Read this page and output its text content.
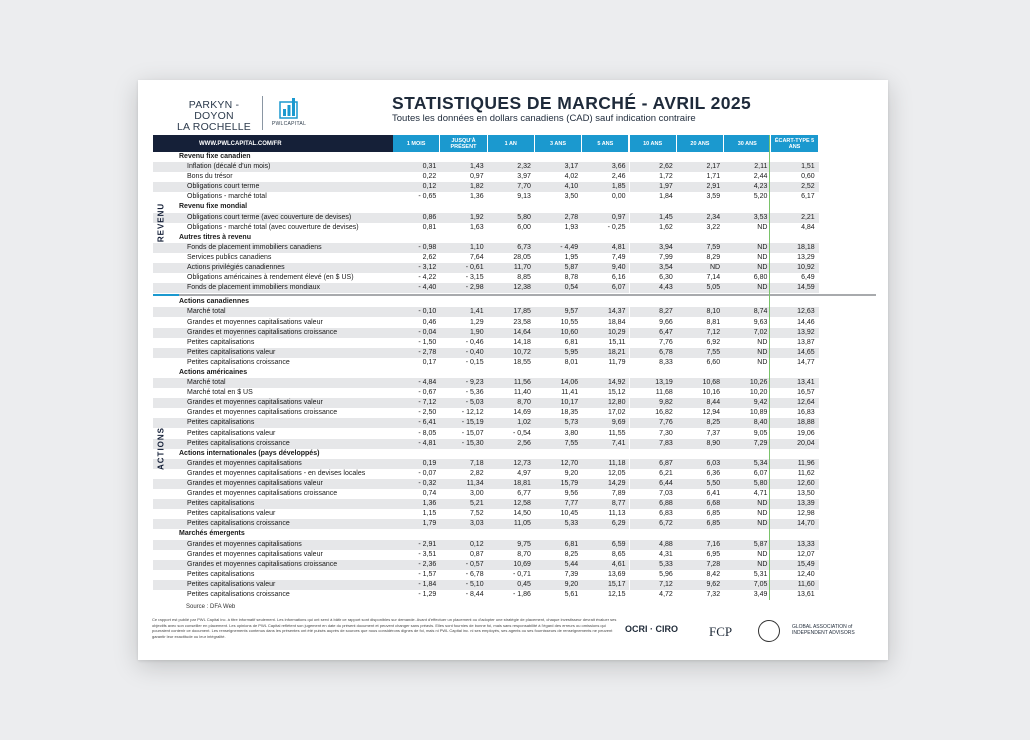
PARKYN - DOYON
LA ROCHELLE	PWLCAPITAL
STATISTIQUES DE MARCHÉ - AVRIL 2025
Toutes les données en dollars canadiens (CAD) sauf indication contraire
WWW.PWLCAPITAL.COM/FR	1 MOIS	JUSQU'À PRÉSENT	1 AN	3 ANS	5 ANS	10 ANS	20 ANS	30 ANS	ÉCART-TYPE 5 ANS
Revenu fixe canadien
Inflation (décalé d'un mois)	0,31	1,43	2,32	3,17	3,66	2,62	2,17	2,11	1,51
Bons du trésor	0,22	0,97	3,97	4,02	2,46	1,72	1,71	2,44	0,60
Obligations court terme	0,12	1,82	7,70	4,10	1,85	1,97	2,91	4,23	2,52
Obligations - marché total	- 0,65	1,36	9,13	3,50	0,00	1,84	3,59	5,20	6,17
Revenu fixe mondial
Obligations court terme (avec couverture de devises)	0,86	1,92	5,80	2,78	0,97	1,45	2,34	3,53	2,21
Obligations - marché total (avec couverture de devises)	0,81	1,63	6,00	1,93	- 0,25	1,62	3,22	ND	4,84
Autres titres à revenu
Fonds de placement immobiliers canadiens	- 0,98	1,10	6,73	- 4,49	4,81	3,94	7,59	ND	18,18
Services publics canadiens	2,62	7,64	28,05	1,95	7,49	7,99	8,29	ND	13,29
Actions privilégiés canadiennes	- 3,12	- 0,61	11,70	5,87	9,40	3,54	ND	ND	10,92
Obligations américaines à rendement élevé (en $ US)	- 4,22	- 3,15	8,85	8,78	6,16	6,30	7,14	6,80	6,49
Fonds de placement immobiliers mondiaux	- 4,40	- 2,98	12,38	0,54	6,07	4,43	5,05	ND	14,59
Actions canadiennes
Marché total	- 0,10	1,41	17,85	9,57	14,37	8,27	8,10	8,74	12,63
Grandes et moyennes capitalisations valeur	0,46	1,29	23,58	10,55	18,84	9,66	8,81	9,63	14,46
Grandes et moyennes capitalisations croissance	- 0,04	1,90	14,64	10,60	10,29	6,47	7,12	7,02	13,92
Petites capitalisations	- 1,50	- 0,46	14,18	6,81	15,11	7,76	6,92	ND	13,87
Petites capitalisations valeur	- 2,78	- 0,40	10,72	5,95	18,21	6,78	7,55	ND	14,65
Petites capitalisations croissance	0,17	- 0,15	18,55	8,01	11,79	8,33	6,60	ND	14,77
Actions américaines
Marché total	- 4,84	- 9,23	11,56	14,06	14,92	13,19	10,68	10,26	13,41
Marché total en $ US	- 0,67	- 5,36	11,40	11,41	15,12	11,68	10,16	10,20	16,57
Grandes et moyennes capitalisations valeur	- 7,12	- 5,03	8,70	10,17	12,80	9,82	8,44	9,42	12,64
Grandes et moyennes capitalisations croissance	- 2,50	- 12,12	14,69	18,35	17,02	16,82	12,94	10,89	16,83
Petites capitalisations	- 6,41	- 15,19	1,02	5,73	9,69	7,76	8,25	8,40	18,88
Petites capitalisations valeur	- 8,05	- 15,07	- 0,54	3,80	11,55	7,30	7,37	9,05	19,06
Petites capitalisations croissance	- 4,81	- 15,30	2,56	7,55	7,41	7,83	8,90	7,29	20,04
Actions internationales (pays développés)
Grandes et moyennes capitalisations	0,19	7,18	12,73	12,70	11,18	6,87	6,03	5,34	11,96
Grandes et moyennes capitalisations - en devises locales	- 0,07	2,82	4,97	9,20	12,05	6,21	6,36	6,07	11,62
Grandes et moyennes capitalisations valeur	- 0,32	11,34	18,81	15,79	14,29	6,44	5,50	5,80	12,60
Grandes et moyennes capitalisations croissance	0,74	3,00	6,77	9,56	7,89	7,03	6,41	4,71	13,50
Petites capitalisations	1,36	5,21	12,58	7,77	8,77	6,88	6,68	ND	13,39
Petites capitalisations valeur	1,15	7,52	14,50	10,45	11,13	6,83	6,85	ND	12,98
Petites capitalisations croissance	1,79	3,03	11,05	5,33	6,29	6,72	6,85	ND	14,70
Marchés émergents
Grandes et moyennes capitalisations	- 2,91	0,12	9,75	6,81	6,59	4,88	7,16	5,87	13,33
Grandes et moyennes capitalisations valeur	- 3,51	0,87	8,70	8,25	8,65	4,31	6,95	ND	12,07
Grandes et moyennes capitalisations croissance	- 2,36	- 0,57	10,69	5,44	4,61	5,33	7,28	ND	15,49
Petites capitalisations	- 1,57	- 6,78	- 0,71	7,39	13,69	5,96	8,42	5,31	12,40
Petites capitalisations valeur	- 1,84	- 5,10	0,45	9,20	15,17	7,12	9,62	7,05	11,60
Petites capitalisations croissance	- 1,29	- 8,44	- 1,86	5,61	12,15	4,72	7,32	3,49	13,61
REVENU
ACTIONS
Source : DFA Web
Ce rapport est publié par PWL Capital inc. à titre informatif seulement. Les informations qui ont servi à bâtir ce rapport sont disponibles sur demande. Avant d'effectuer un placement ou d'adopter une stratégie de placement, chaque investisseur devrait évaluer ses objectifs avec son conseiller en placement. Les opinions de PWL Capital reflètent son jugement en date du présent document et peuvent changer sans préavis. Elles sont fournies de bonne foi, mais sans responsabilité à l'égard des erreurs ou omissions qui pourraient contenir ce document. Les renseignements contenus dans les présentes ont été puisés auprès de sources que nous considérons dignes de foi, mais ni PWL Capital inc. ni ses employés, ses agents ou ses fournisseurs de renseignements ne peuvent garantir leur exactitude ou leur intégralité.
OCRI · CIRO FCP	GLOBAL ASSOCIATION of INDEPENDENT ADVISORS
